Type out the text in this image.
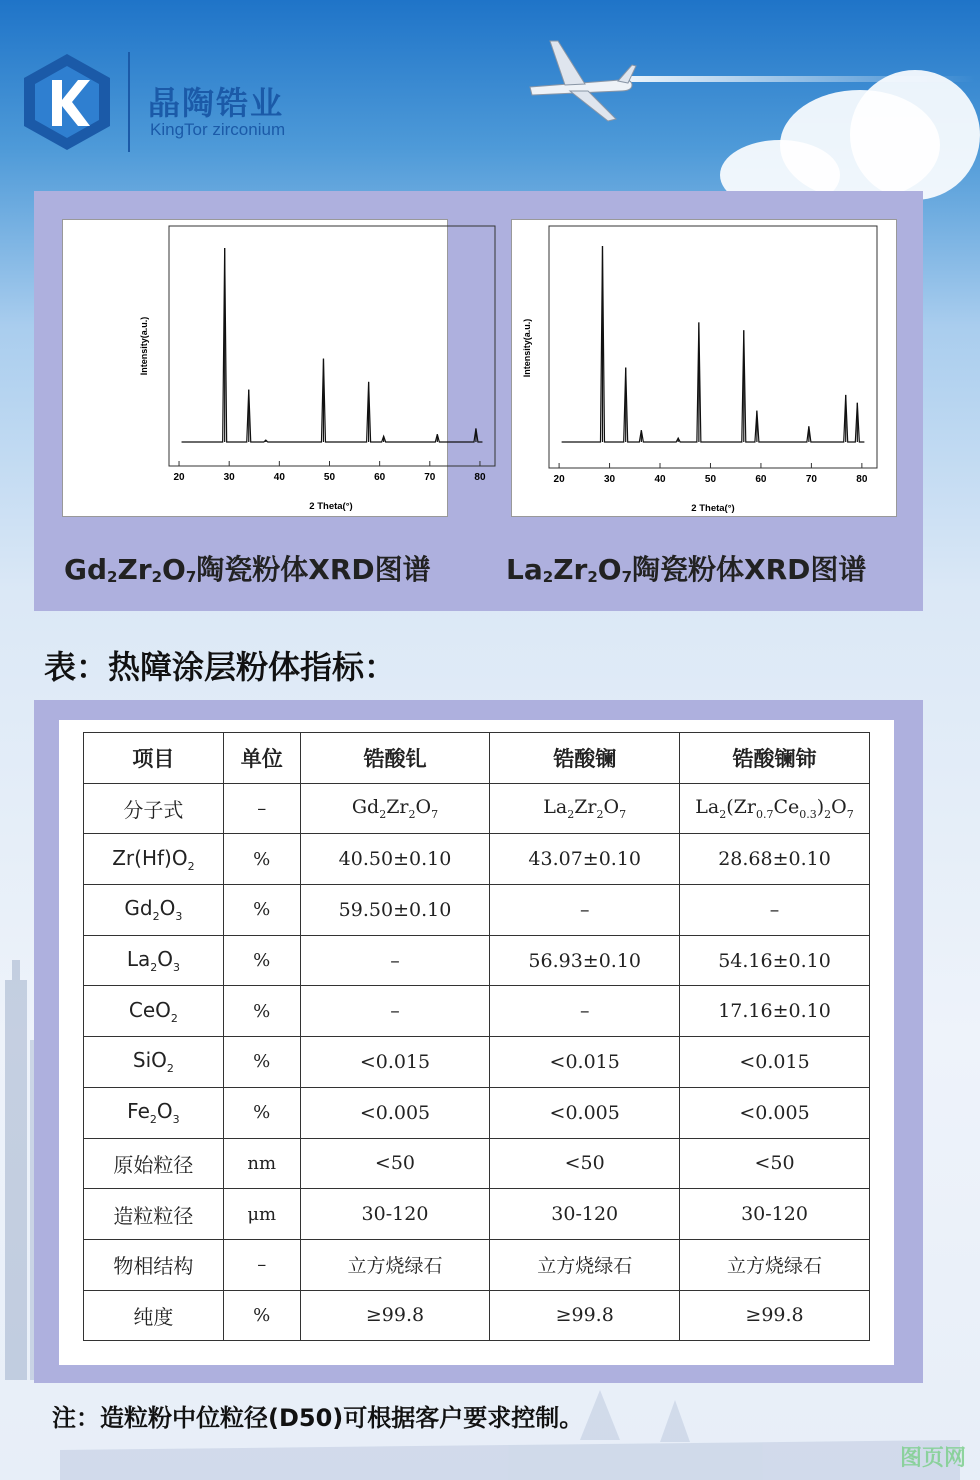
晶陶锆业
KingTor zirconium
20	30	40	50	60	70	80
Intensity(a.u.)
2 Theta(°)
20	30	40	50	60	70	80
Intensity(a.u.)
2 Theta(°)
$Gd_2Zr_2O_7$陶瓷粉体XRD图谱	$La_2Zr_2O_7$陶瓷粉体XRD图谱
表：热障涂层粉体指标：
项目	单位	锆酸钆	锆酸镧	锆酸镧铈
分子式	–	$Gd_2Zr_2O_7$	$La_2Zr_2O_7$	$La_2(Zr_{0.7}Ce_{0.3})_2O_7$
$Zr(Hf)O_2$	%	40.50±0.10	43.07±0.10	28.68±0.10
$Gd_2O_3$	%	59.50±0.10	–	–
$La_2O_3$	%	–	56.93±0.10	54.16±0.10
CeO$_2$	%	–	–	17.16±0.10
SiO$_2$	%	<0.015	<0.015	<0.015
$Fe_2O_3$	%	<0.005	<0.005	<0.005
原始粒径	nm	<50	<50	<50
造粒粒径	μm	30-120	30-120	30-120
物相结构	–	立方烧绿石	立方烧绿石	立方烧绿石
纯度	%	≥99.8	≥99.8	≥99.8
注：造粒粉中位粒径(D50)可根据客户要求控制。
图页网
